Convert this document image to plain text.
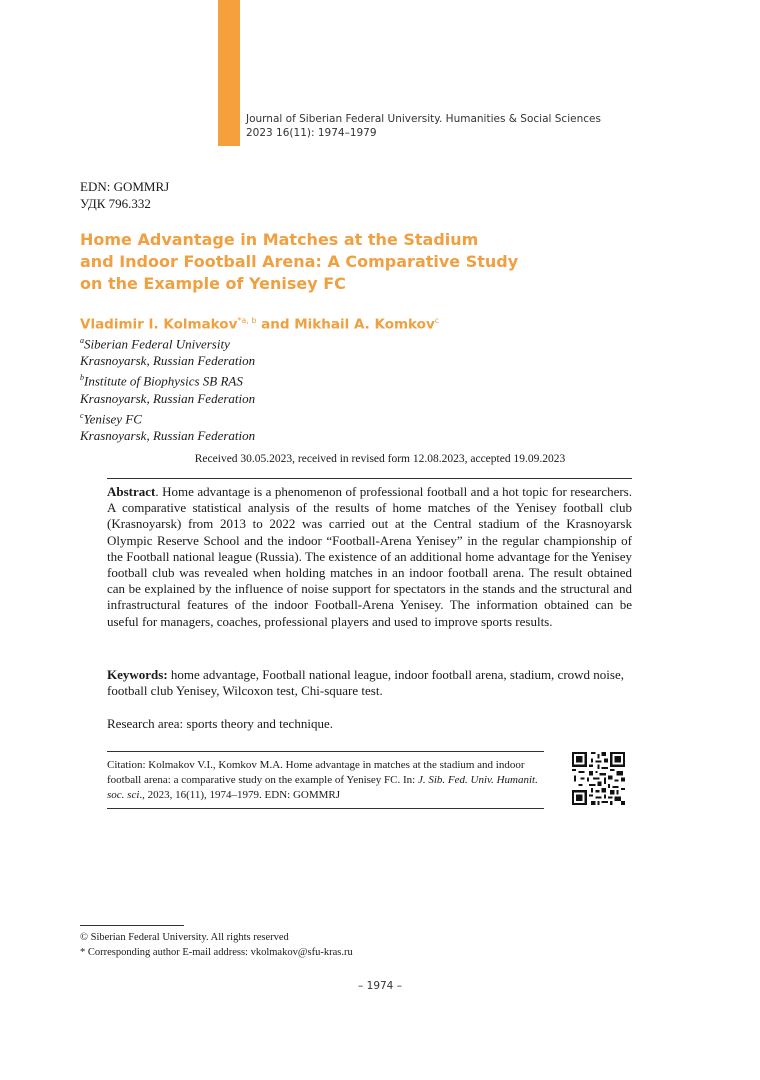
Journal of Siberian Federal University. Humanities & Social Sciences
2023 16(11): 1974–1979
EDN: GOMMRJ
УДК 796.332
Home Advantage in Matches at the Stadium
and Indoor Football Arena: A Comparative Study
on the Example of Yenisey FC
Vladimir I. Kolmakov$^{*a, b}$ and Mikhail A. Komkov$^c$
$^a$Siberian Federal University
Krasnoyarsk, Russian Federation
$^b$Institute of Biophysics SB RAS
Krasnoyarsk, Russian Federation
$^c$Yenisey FC
Krasnoyarsk, Russian Federation
Received 30.05.2023, received in revised form 12.08.2023, accepted 19.09.2023
Abstract. Home advantage is a phenomenon of professional football and a hot topic for researchers. A comparative statistical analysis of the results of home matches of the Yenisey football club (Krasnoyarsk) from 2013 to 2022 was carried out at the Central stadium of the Krasnoyarsk Olympic Reserve School and the indoor “Football-Arena Yenisey” in the regular championship of the Football national league (Russia). The existence of an additional home advantage for the Yenisey football club was revealed when holding matches in an indoor football arena. The result obtained can be explained by the influence of noise support for spectators in the stands and the structural and infrastructural features of the indoor Football-Arena Yenisey. The information obtained can be useful for managers, coaches, professional players and used to improve sports results.
Keywords: home advantage, Football national league, indoor football arena, stadium, crowd noise, football club Yenisey, Wilcoxon test, Chi-square test.
Research area: sports theory and technique.
Citation: Kolmakov V.I., Komkov M.A. Home advantage in matches at the stadium and indoor football arena: a comparative study on the example of Yenisey FC. In: J. Sib. Fed. Univ. Humanit. soc. sci., 2023, 16(11), 1974–1979. EDN: GOMMRJ
© Siberian Federal University. All rights reserved
* Corresponding author E-mail address: vkolmakov@sfu-kras.ru
– 1974 –
